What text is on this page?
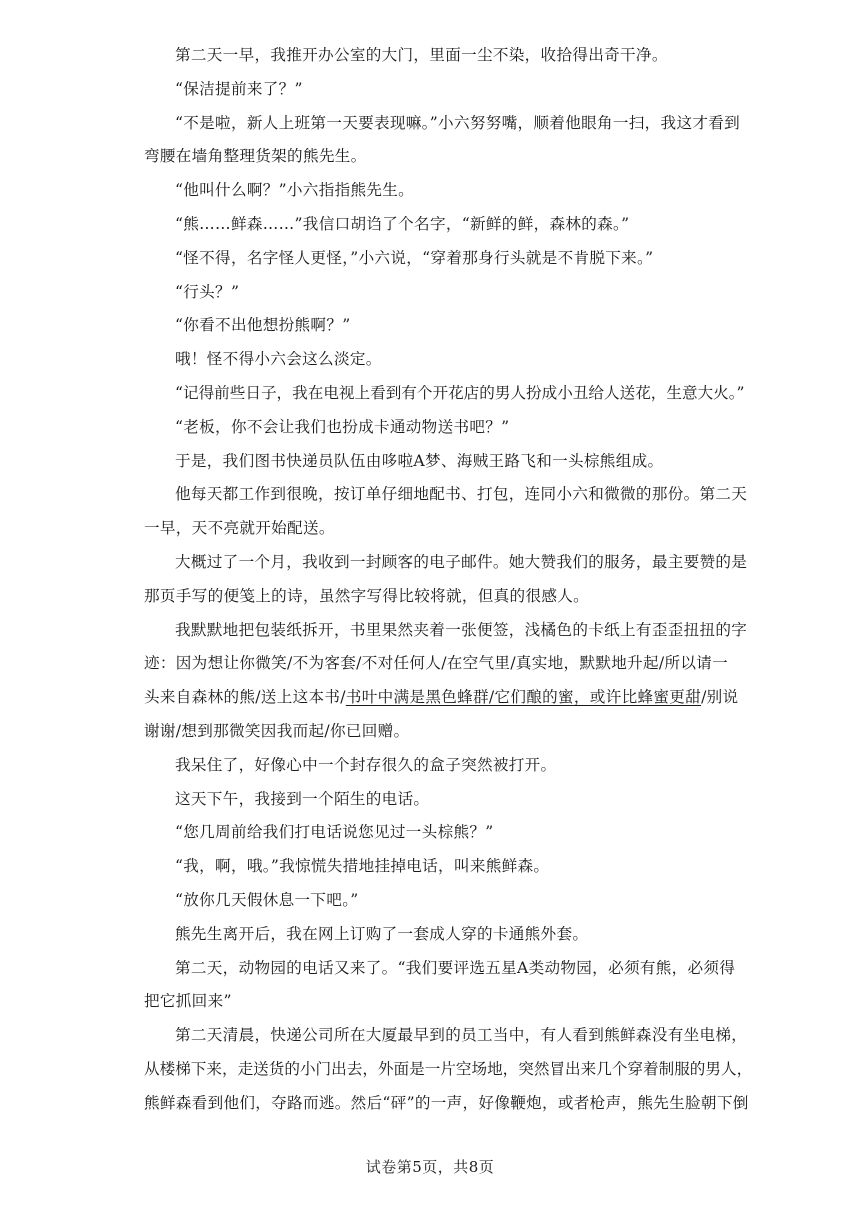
第二天一早，我推开办公室的大门，里面一尘不染，收拾得出奇干净。
“保洁提前来了？”
“不是啦，新人上班第一天要表现嘛。”小六努努嘴，顺着他眼角一扫，我这才看到
弯腰在墙角整理货架的熊先生。
“他叫什么啊？”小六指指熊先生。
“熊……鲜森……”我信口胡诌了个名字，“新鲜的鲜，森林的森。”
“怪不得，名字怪人更怪，”小六说，“穿着那身行头就是不肯脱下来。”
“行头？”
“你看不出他想扮熊啊？”
哦！怪不得小六会这么淡定。
“记得前些日子，我在电视上看到有个开花店的男人扮成小丑给人送花，生意大火。”
“老板，你不会让我们也扮成卡通动物送书吧？”
于是，我们图书快递员队伍由哆啦A梦、海贼王路飞和一头棕熊组成。
他每天都工作到很晚，按订单仔细地配书、打包，连同小六和微微的那份。第二天
一早，天不亮就开始配送。
大概过了一个月，我收到一封顾客的电子邮件。她大赞我们的服务，最主要赞的是
那页手写的便笺上的诗，虽然字写得比较将就，但真的很感人。
我默默地把包装纸拆开，书里果然夹着一张便签，浅橘色的卡纸上有歪歪扭扭的字
迹：因为想让你微笑/不为客套/不对任何人/在空气里/真实地，默默地升起/所以请一
头来自森林的熊/送上这本书/书叶中满是黑色蜂群/它们酿的蜜，或许比蜂蜜更甜/别说
谢谢/想到那微笑因我而起/你已回赠。
我呆住了，好像心中一个封存很久的盒子突然被打开。
这天下午，我接到一个陌生的电话。
“您几周前给我们打电话说您见过一头棕熊？”
“我，啊，哦。”我惊慌失措地挂掉电话，叫来熊鲜森。
“放你几天假休息一下吧。”
熊先生离开后，我在网上订购了一套成人穿的卡通熊外套。
第二天，动物园的电话又来了。“我们要评选五星A类动物园，必须有熊，必须得
把它抓回来”
第二天清晨，快递公司所在大厦最早到的员工当中，有人看到熊鲜森没有坐电梯，
从楼梯下来，走送货的小门出去，外面是一片空场地，突然冒出来几个穿着制服的男人，
熊鲜森看到他们，夺路而逃。然后“砰”的一声，好像鞭炮，或者枪声，熊先生脸朝下倒
试卷第5页，共8页
